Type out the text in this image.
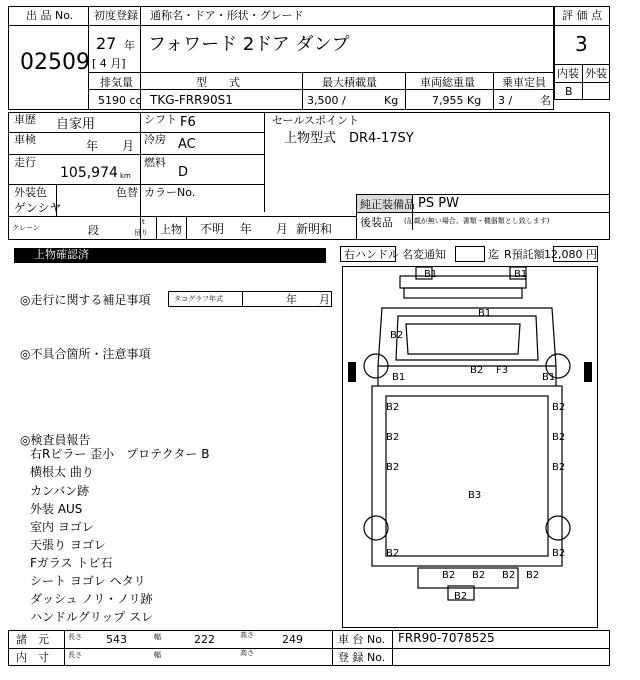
出 品 No.
02509
初度登録 通称名・ドア・形状・グレード
27 年
[ 4 月]
フォワード 2ドア ダンプ
評 価 点
3
内装 外装
B
排気量
5190 cc
型　　式
TKG-FRR90S1
最大積載量
3,500 /	Kg
車両総重量
7,955 Kg
乗車定員
3 /	名
車歴 自家用	シフト F6
車検	年　　月 冷房 AC
走行
105,974 km
燃料
D
外装色
ゲンシヤ
色替 カラーNo.
セールスポイント
上物型式　DR4-17SY
純正装備品 PS PW
後装品 (記載が無い場合、書類・機器類とし致します)
クレーン	段
t
吊り 上物 不明　 年　　月 新明和
上物確認済	右ハンドル 名変通知	迄 R預託額 12,080 円
◎走行に関する補足事項	タコグラフ年式	年　　月
◎不具合箇所・注意事項
◎検査員報告
右Rピラー 歪小　プロテクター B
横根太 曲り
カンバン跡
外装 AUS
室内 ヨゴレ
天張り ヨゴレ
Fガラス トビ石
シート ヨゴレ ヘタリ
ダッシュ ノリ・ノリ跡
ハンドルグリップ スレ
B1	B1
B1
B2
B2 F3
B1	B1
B2	B2
B2	B2
B2	B2
B3
B2	B2
B2 B2 B2 B2
B2
諸　元	長さ 543	幅	222	高さ	249	車 台 No. FRR90-7078525
内　寸	長さ	幅	高さ	登 録 No.
